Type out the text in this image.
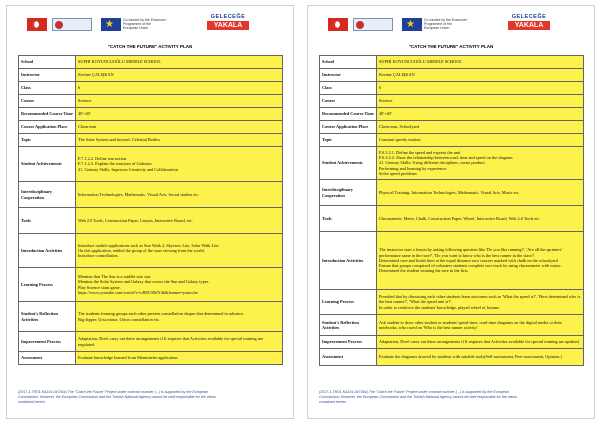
★
Co-funded by the Erasmus+ Programme of the European Union
GELECEĞE
YAKALA
"CATCH THE FUTURE" ACTIVITY PLAN
School	SUPHI KOYUNCUOĞLU MIDDLE SCHOOL

Instructor	Kerime ÇALIŞKAN

Class	6

Course	Science

Recommended Course Time	40'+40'

Course Application Place	Classroom

Topic	The Solar System and beyond: Celestial Bodies

Student Achievements	F.7.1.2.2. Define star notion.
F.7.1.2.3. Explain the structure of Galaxies
21. Century Skills; Improves Creativity and Collaboration

Interdisciplinary Cooperation	Information Technologies, Mathematic, Visual Arts, Social studies etc.

Tools	Web 2.0 Tools, Construction Paper, Crayon, Interactive Board, etc.

Introduction Activities	Introduce mobile applications such as Star Walk 2, Skyview Lite, Solar Walk Lite.
On this application, enttled the group of the stars viewing from the world.
Introduce constellation.

Learning Process	Mention that The Sun is a middle size star.
Mention the Solar System and Galaxy that covers the Sun and Galaxy types.
Play Science stam game.
https://www.youtube.com/watch?v=oH8C90tJYdk&feature=youtu.be

Student's Reflection Activities	The students forming groups each other present constellation shapes that determined in advance.
Big dipper, Ursa minor, Orion constellation etc.

Improvement Process	Adaptation, Don't carry out these arrangements if It requires that Activities available for special training are regulated.

Assessment	Evaluate knowledge learned from Mentimeter application.
(2017-1-TR01-KA101-047364) The "Catch the Future" Project under contract number (...) is supported by the European
Commission. However, the European Commission and the Turkish National Agency cannot be held responsible for the views
contained herein.
★
Co-funded by the Erasmus+ Programme of the European Union
GELECEĞE
YAKALA
"CATCH THE FUTURE" ACTIVITY PLAN
School	SUPHİ KOYUNCUOĞLU MIDDLE SCHOOL

Instructor	Kerime ÇALIŞKAN

Class	6

Course	Science

Recommended Course Time	40'+40'

Course Application Place	Classroom, Schoolyard

Topic	Constant speedy motion

Student Achievements	F.6.3.2.1. Define the speed and express the unit
F.6.3.2.2. Show the relationship between road, time and speed on the diagram.
21. Century Skills; Using different disciplines, create product.
Performing and learning by experience.
Solve speed problems.

Interdisciplinary Cooperation	Physical Training, Information Technologies, Mathematic, Visual Arts, Music etc.

Tools	Chronometer, Meter, Chalk, Construction Paper, Wheel, Interactive Board, Web 2.0 Tools etc.

Introduction Activities	The instructor start a lesson by asking following question like 'Do you like running?', 'Are all the sprinters' performance same in the race?', 'Do you want to know who is the best runner in the class?'.
Determined race and finish lines at the equal distance race courses marked with chalk on the schoolyard
Ensure that groups comprised of volunteer students complete race track by using chronometer with music.
Determined the student winning the race in the first.

Learning Process	Provided that by discussing each other students learn outcomes such as 'What the speed is?', 'How determined who is the best runner?', 'What the speed unit is?'.
In order to reinforce the students' knowledge, played wheel of fortune.

Student's Reflection Activities	Ask student to draw other student or students' speed-time, road-time diagrams on the digital media or their notebooks, who raced on 'Who is the best runner activity'.

Improvement Process	Adaptation, Don't carry out these arrangements if It requires that Activities available for special training are updated.

Assessment	Evaluate the diagrams drawed by students with suitable tools(Self-assessment, Peer-assessment, Opinion.)
(2017-1-TR01-KA101-047364) The "Catch the Future" Project under contract number (...) is supported by the European
Commission. However, the European Commission and the Turkish National Agency cannot be held responsible for the views
contained herein.
